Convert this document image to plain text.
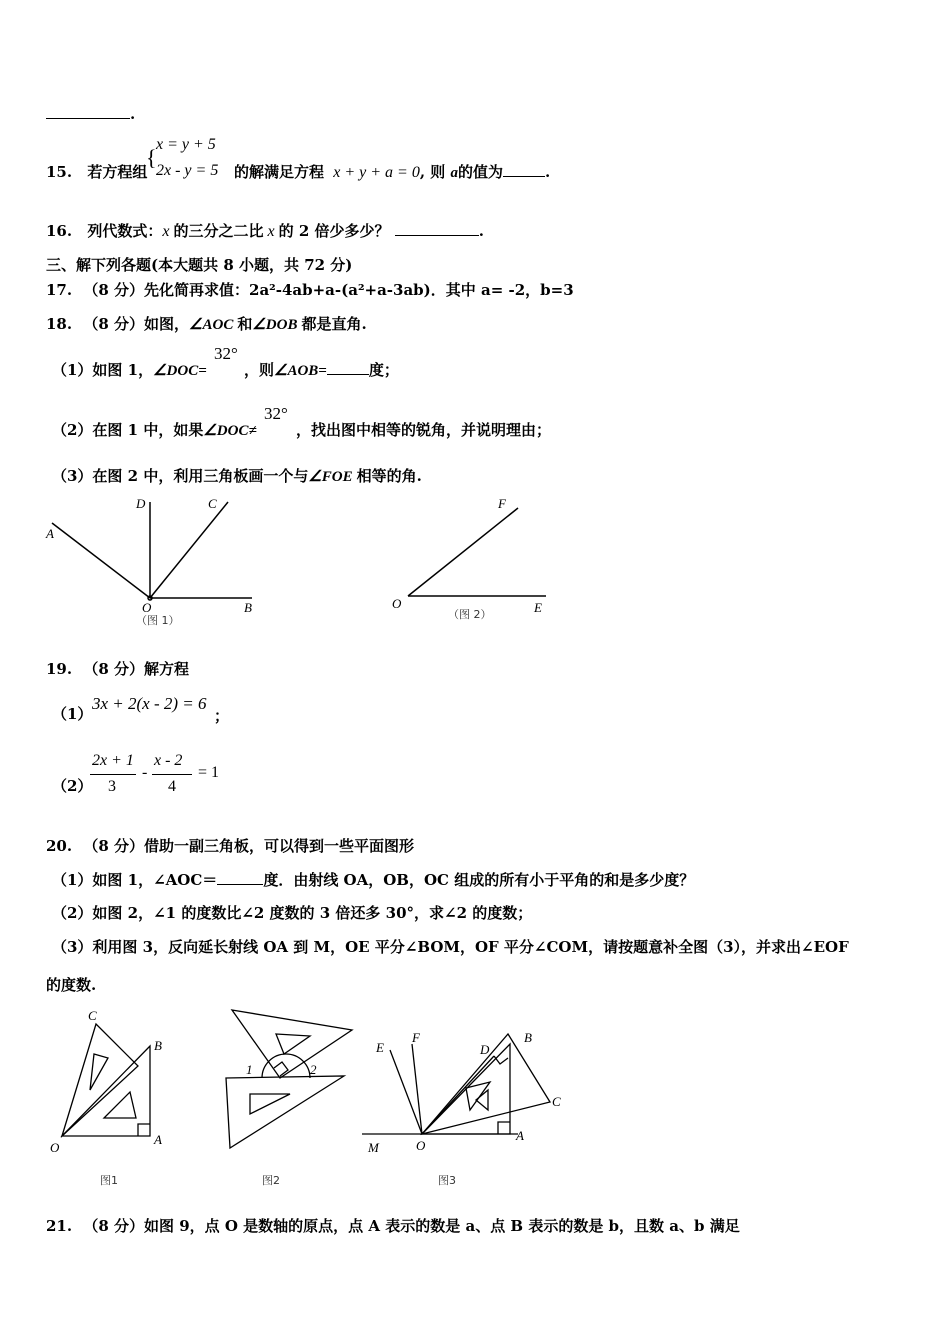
.
15. 若方程组
{
x = y + 5
2x - y = 5 的解满足方程 x + y + a = 0, 则 a的值为	.
16. 列代数式：x 的三分之二比 x 的 2 倍少多少？	.
三、解下列各题(本大题共 8 小题，共 72 分)
17. （8 分）先化简再求值：2a²-4ab+a-(a²+a-3ab)．其中 a= -2，b=3
18. （8 分）如图，∠AOC 和∠DOB 都是直角.
（1）如图 1，∠DOC=
32°
，则∠AOB=	度；
（2）在图 1 中，如果∠DOC≠
32°
，找出图中相等的锐角，并说明理由；
（3）在图 2 中，利用三角板画一个与∠FOE 相等的角.
A
D	C
O	B
（图 1）
F
O	E
（图 2）
19. （8 分）解方程
（1）
3x + 2(x - 2) = 6
；
（2）
2x + 1
3
-
x - 2
4
= 1
20. （8 分）借助一副三角板，可以得到一些平面图形
（1）如图 1，∠AOC＝	度．由射线 OA，OB，OC 组成的所有小于平角的和是多少度？
（2）如图 2，∠1 的度数比∠2 度数的 3 倍还多 30°，求∠2 的度数；
（3）利用图 3，反向延长射线 OA 到 M，OE 平分∠BOM，OF 平分∠COM，请按题意补全图（3），并求出∠EOF
的度数.
C
B
O
A
图1
1	2
图2
E
F
D
B
C
M	O
A
图3
21. （8 分）如图 9，点 O 是数轴的原点，点 A 表示的数是 a、点 B 表示的数是 b，且数 a、b 满足
